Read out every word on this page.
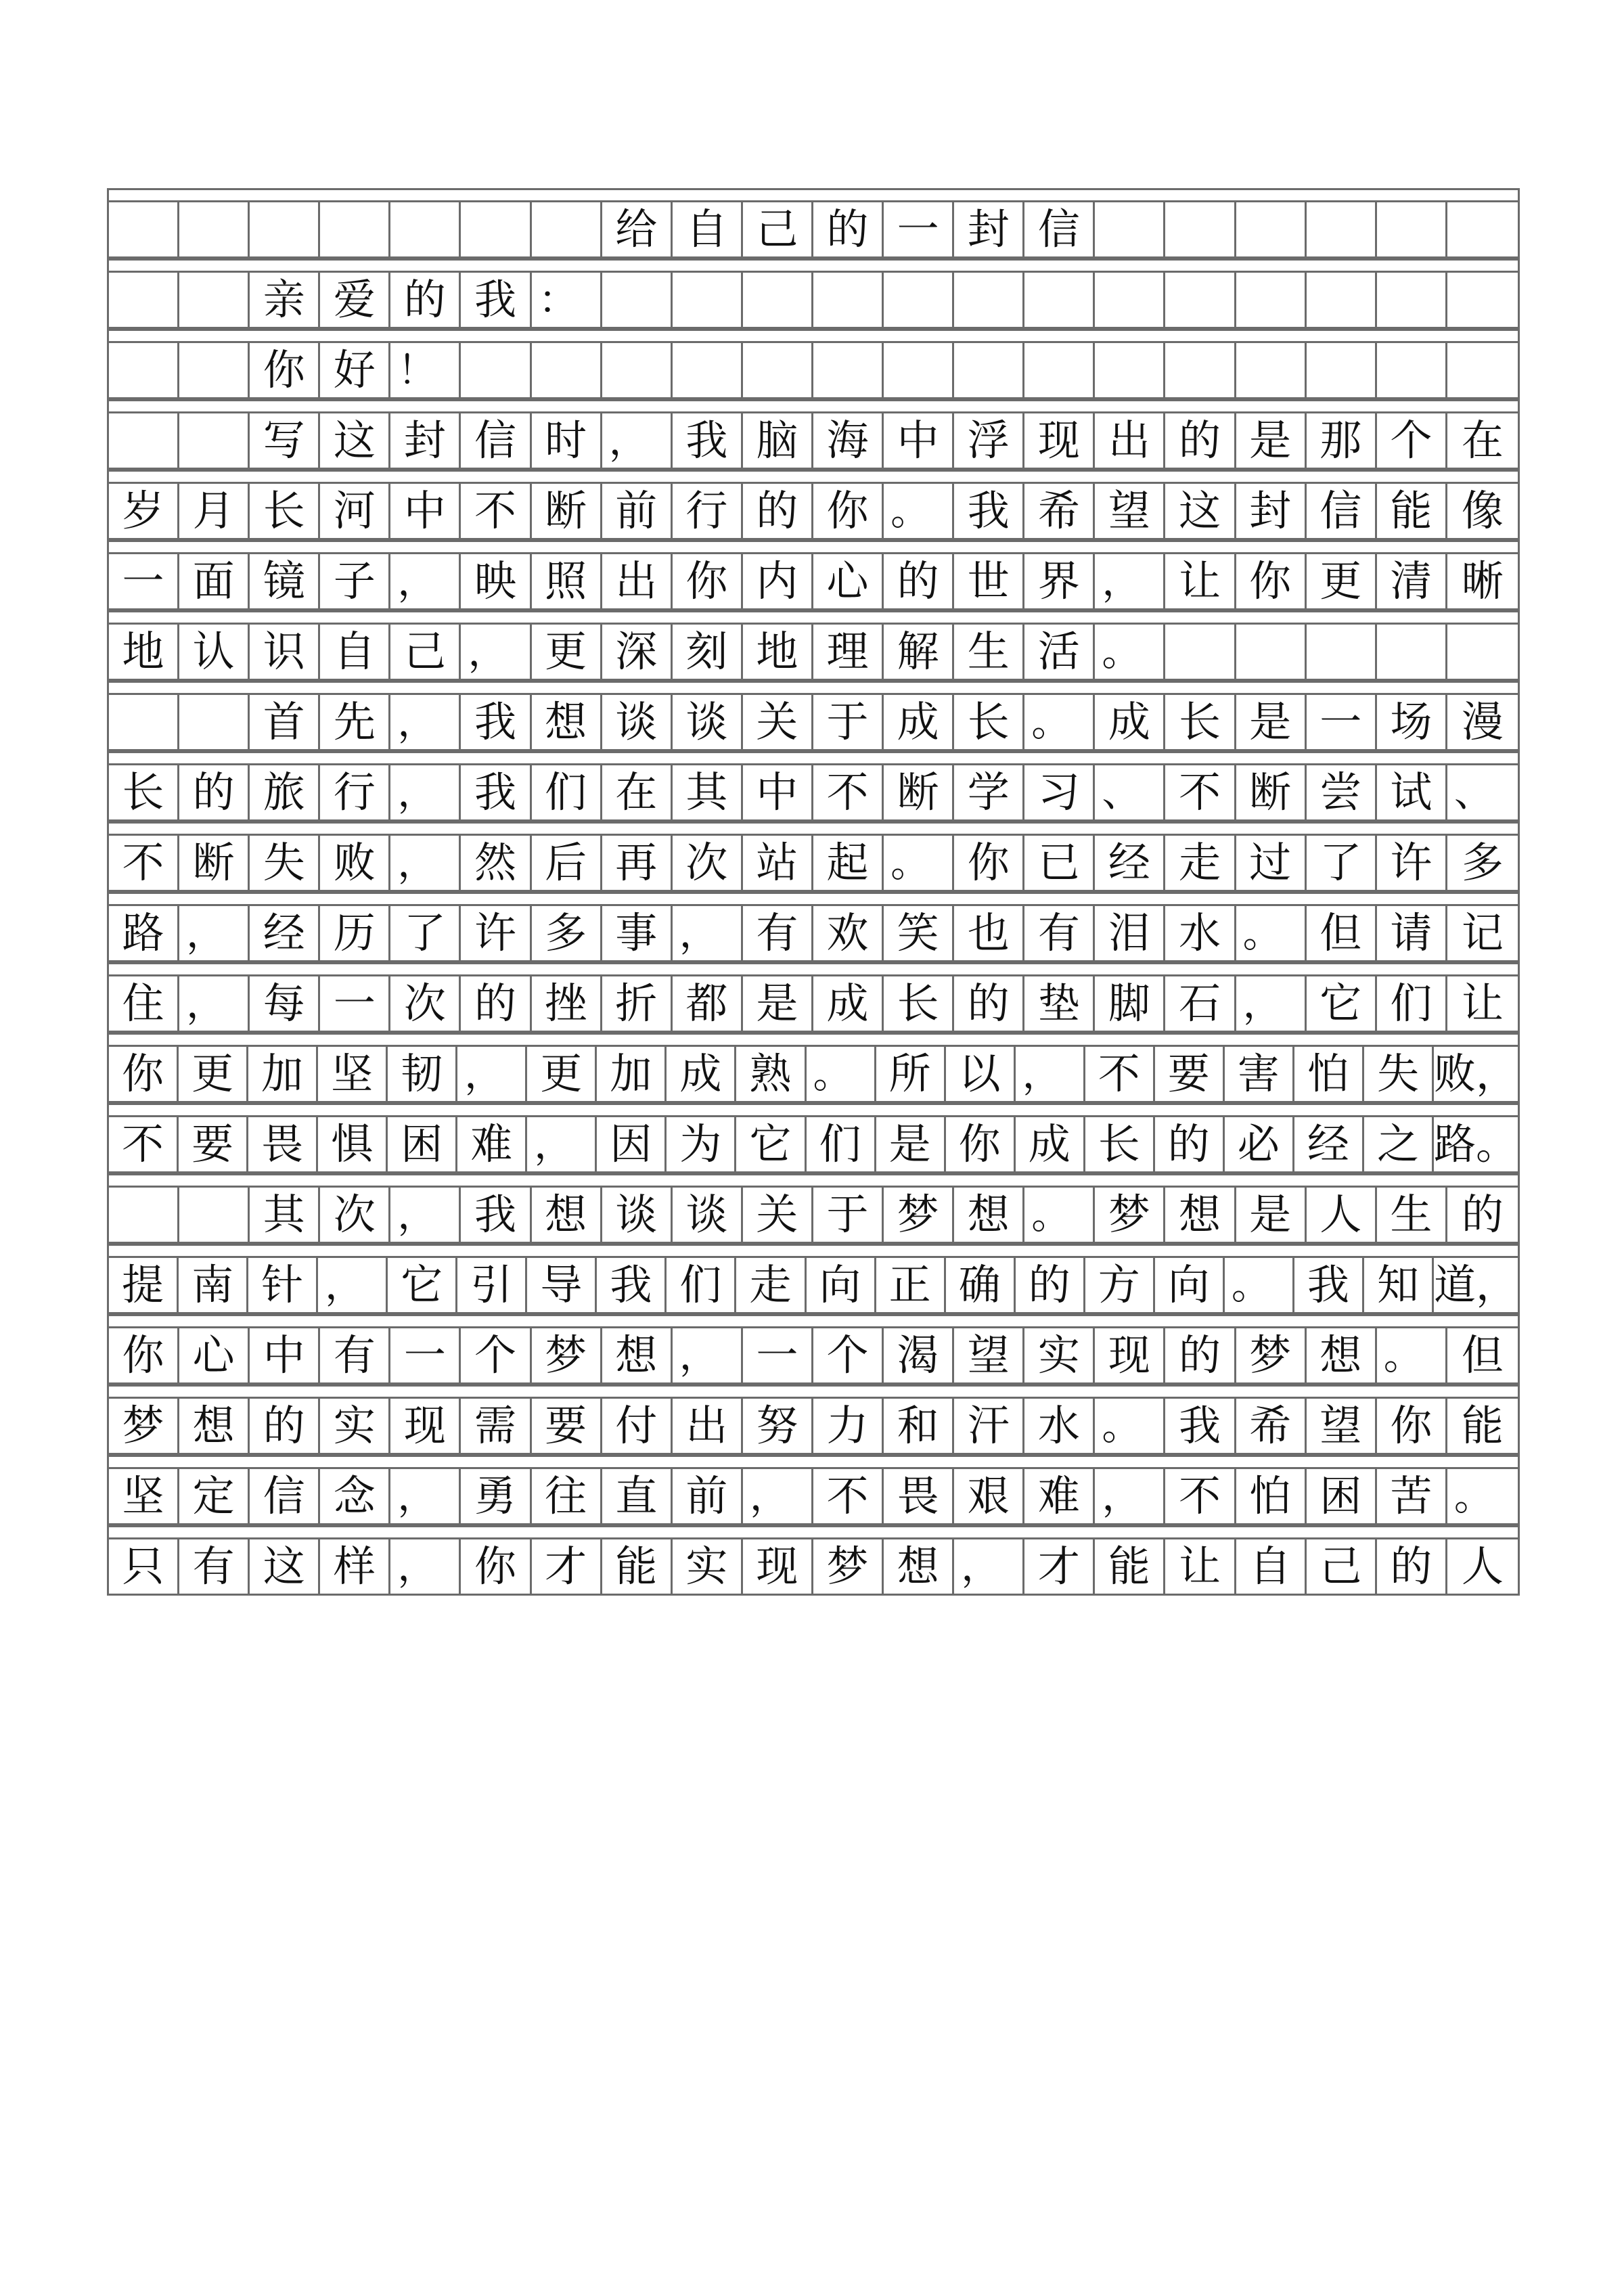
给 自 己 的 一 封 信
亲 爱 的 我 ：
你 好 ！
写 这 封 信 时 ， 我 脑 海 中 浮 现 出 的 是 那 个 在
岁 月 长 河 中 不 断 前 行 的 你 。 我 希 望 这 封 信 能 像
一 面 镜 子 ， 映 照 出 你 内 心 的 世 界 ， 让 你 更 清 晰
地 认 识 自 己 ， 更 深 刻 地 理 解 生 活 。
首 先 ， 我 想 谈 谈 关 于 成 长 。 成 长 是 一 场 漫
长 的 旅 行 ， 我 们 在 其 中 不 断 学 习 、 不 断 尝 试 、
不 断 失 败 ， 然 后 再 次 站 起 。 你 已 经 走 过 了 许 多
路 ， 经 历 了 许 多 事 ， 有 欢 笑 也 有 泪 水 。 但 请 记
住 ， 每 一 次 的 挫 折 都 是 成 长 的 垫 脚 石 ， 它 们 让
你 更 加 坚 韧 ， 更 加 成 熟 。 所 以 ， 不 要 害 怕 失 败，
不 要 畏 惧 困 难 ， 因 为 它 们 是 你 成 长 的 必 经 之 路。
其 次 ， 我 想 谈 谈 关 于 梦 想 。 梦 想 是 人 生 的
提 南 针 ， 它 引 导 我 们 走 向 正 确 的 方 向 。 我 知 道，
你 心 中 有 一 个 梦 想 ， 一 个 渴 望 实 现 的 梦 想 。 但
梦 想 的 实 现 需 要 付 出 努 力 和 汗 水 。 我 希 望 你 能
坚 定 信 念 ， 勇 往 直 前 ， 不 畏 艰 难 ， 不 怕 困 苦 。
只 有 这 样 ， 你 才 能 实 现 梦 想 ， 才 能 让 自 己 的 人
